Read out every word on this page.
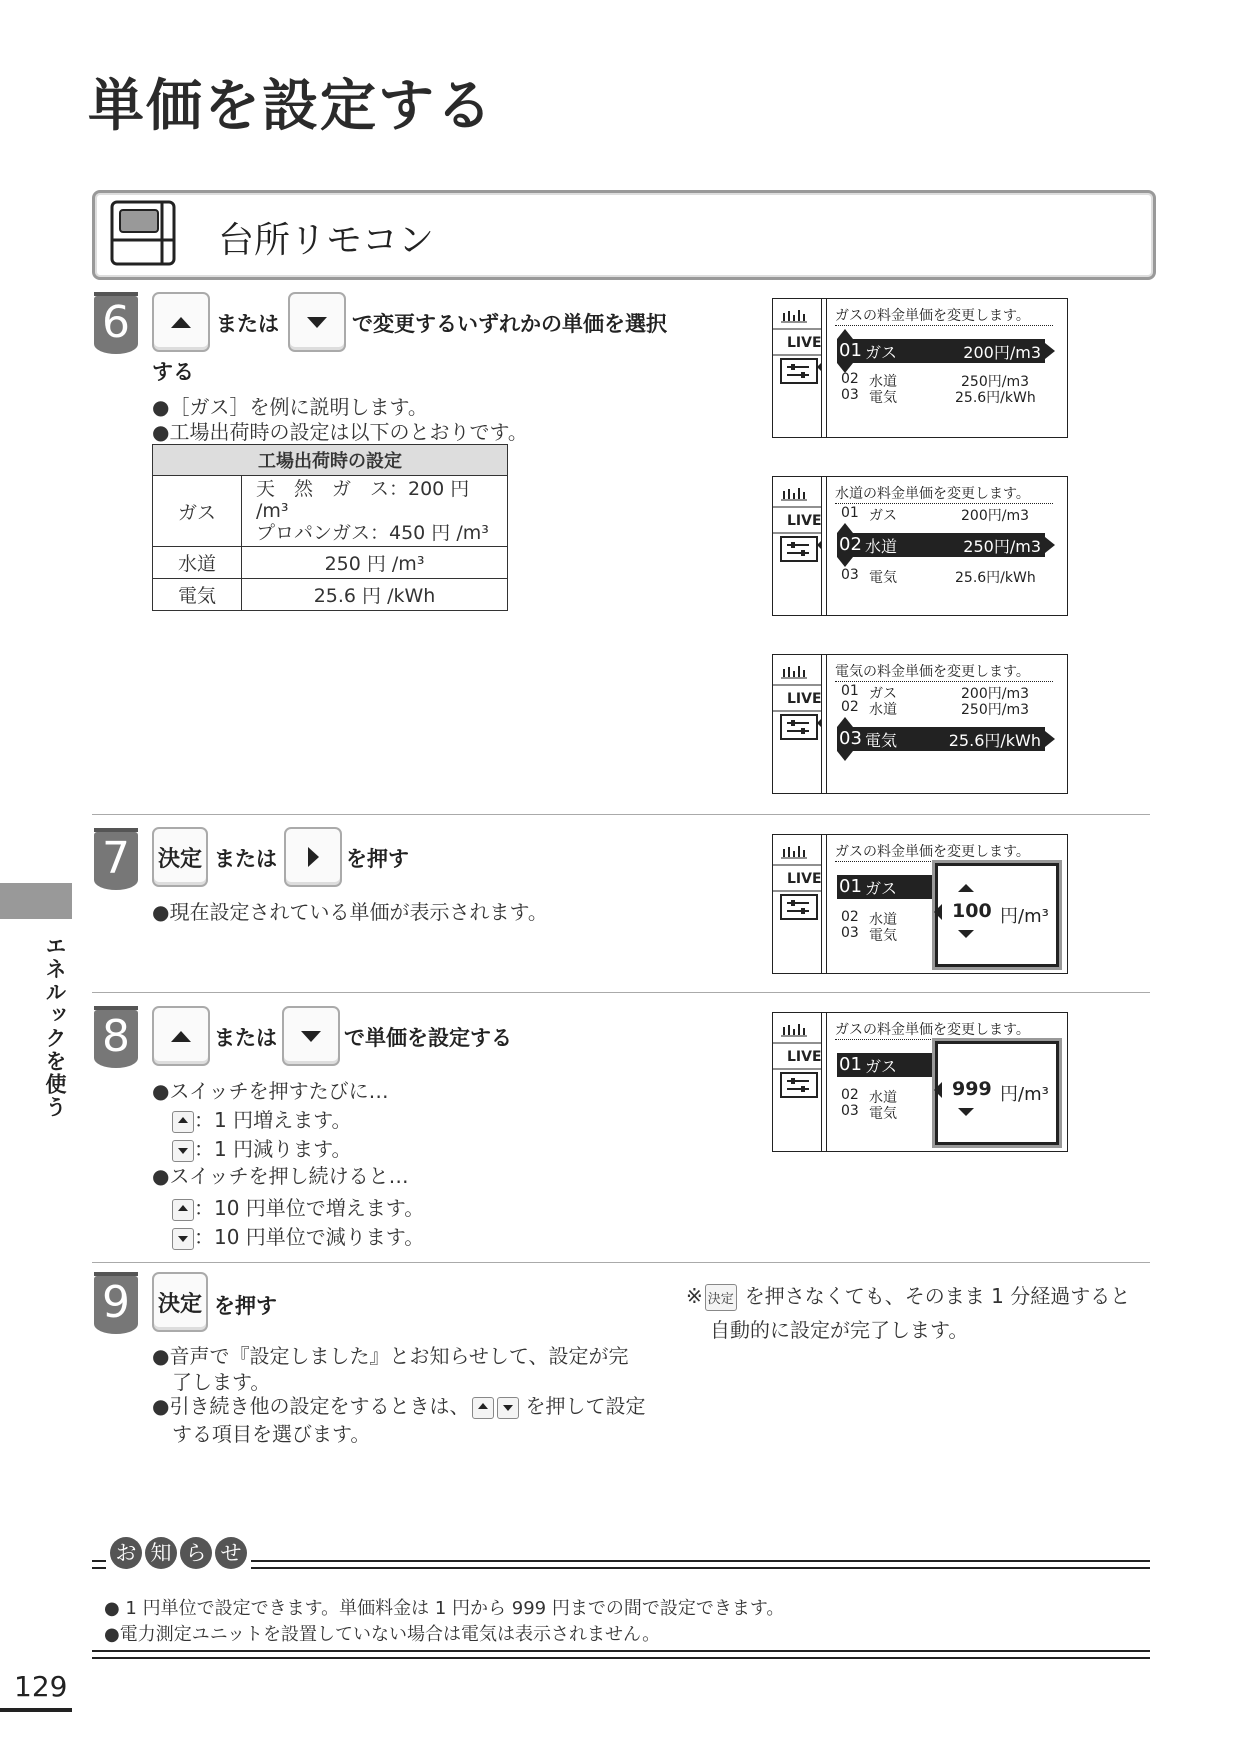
単価を設定する
台所リモコン
エネルックを使う
6	または	で変更するいずれかの単価を選択
する
●［ガス］を例に説明します。
●工場出荷時の設定は以下のとおりです。
工場出荷時の設定	
ガス	天　然　ガ　ス：200 円 /m³
プロパンガス：450 円 /m³

水道	250 円 /m³
電気	25.6 円 /kWh
LIVE
ガスの料金単価を変更します。
01 ガス	200円/m3
02 水道	250円/m3
03 電気	25.6円/kWh
LIVE
水道の料金単価を変更します。
01 ガス	200円/m3
02 水道	250円/m3
03 電気	25.6円/kWh
LIVE
電気の料金単価を変更します。
01 ガス	200円/m3
02 水道	250円/m3
03 電気	25.6円/kWh
7	決定 または	を押す
●現在設定されている単価が表示されます。
LIVE
ガスの料金単価を変更します。
01 ガス
02 水道
03 電気
100 円/m³
8	または	で単価を設定する
●スイッチを押すたびに…
：1 円増えます。
：1 円減ります。
●スイッチを押し続けると…
：10 円単位で増えます。
：10 円単位で減ります。
LIVE
ガスの料金単価を変更します。
01 ガス
02 水道
03 電気
999 円/m³
9	決定 を押す
●音声で『設定しました』とお知らせして、設定が完
了します。
●引き続き他の設定をするときは、	を押して設定
する項目を選びます。
※ 決定 を押さなくても、そのまま 1 分経過すると
自動的に設定が完了します。
お 知 ら せ
● 1 円単位で設定できます。単価料金は 1 円から 999 円までの間で設定できます。
●電力測定ユニットを設置していない場合は電気は表示されません。
129
